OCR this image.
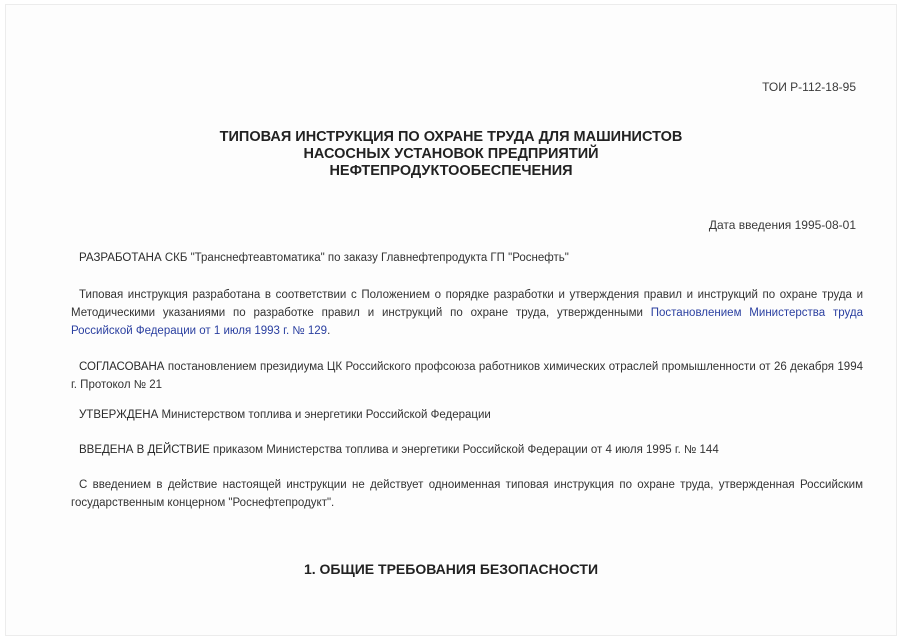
ТОИ Р-112-18-95
ТИПОВАЯ ИНСТРУКЦИЯ ПО ОХРАНЕ ТРУДА ДЛЯ МАШИНИСТОВ
НАСОСНЫХ УСТАНОВОК ПРЕДПРИЯТИЙ
НЕФТЕПРОДУКТООБЕСПЕЧЕНИЯ
Дата введения 1995-08-01
РАЗРАБОТАНА СКБ "Транснефтеавтоматика" по заказу Главнефтепродукта ГП "Роснефть"
Типовая инструкция разработана в соответствии с Положением о порядке разработки и утверждения правил и инструкций по охране труда и Методическими указаниями по разработке правил и инструкций по охране труда, утвержденными Постановлением Министерства труда Российской Федерации от 1 июля 1993 г. № 129.
СОГЛАСОВАНА постановлением президиума ЦК Российского профсоюза работников химических отраслей промышленности от 26 декабря 1994 г. Протокол № 21
УТВЕРЖДЕНА Министерством топлива и энергетики Российской Федерации
ВВЕДЕНА В ДЕЙСТВИЕ приказом Министерства топлива и энергетики Российской Федерации от 4 июля 1995 г. № 144
С введением в действие настоящей инструкции не действует одноименная типовая инструкция по охране труда, утвержденная Российским государственным концерном "Роснефтепродукт".
1. ОБЩИЕ ТРЕБОВАНИЯ БЕЗОПАСНОСТИ
